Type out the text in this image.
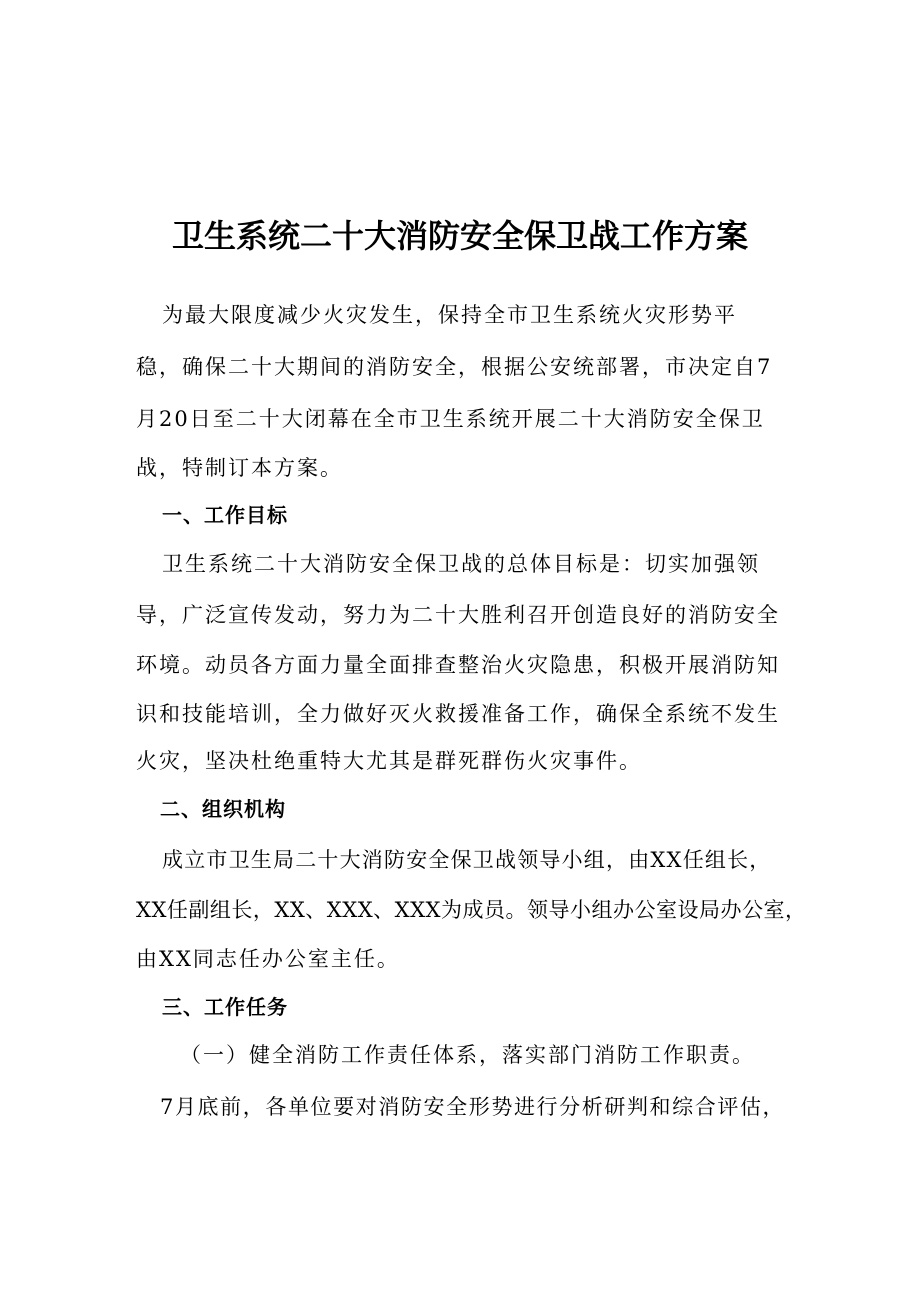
卫生系统二十大消防安全保卫战工作方案

为最大限度减少火灾发生，保持全市卫生系统火灾形势平

稳，确保二十大期间的消防安全，根据公安统部署，市决定自7

月20日至二十大闭幕在全市卫生系统开展二十大消防安全保卫

战，特制订本方案。

一、工作目标

卫生系统二十大消防安全保卫战的总体目标是：切实加强领

导，广泛宣传发动，努力为二十大胜利召开创造良好的消防安全

环境。动员各方面力量全面排查整治火灾隐患，积极开展消防知

识和技能培训，全力做好灭火救援准备工作，确保全系统不发生

火灾，坚决杜绝重特大尤其是群死群伤火灾事件。

二、组织机构

成立市卫生局二十大消防安全保卫战领导小组，由XX任组长，

XX任副组长，XX、XXX、XXX为成员。领导小组办公室设局办公室，

由XX同志任办公室主任。

三、工作任务

（一）健全消防工作责任体系，落实部门消防工作职责。

7月底前，各单位要对消防安全形势进行分析研判和综合评估，
